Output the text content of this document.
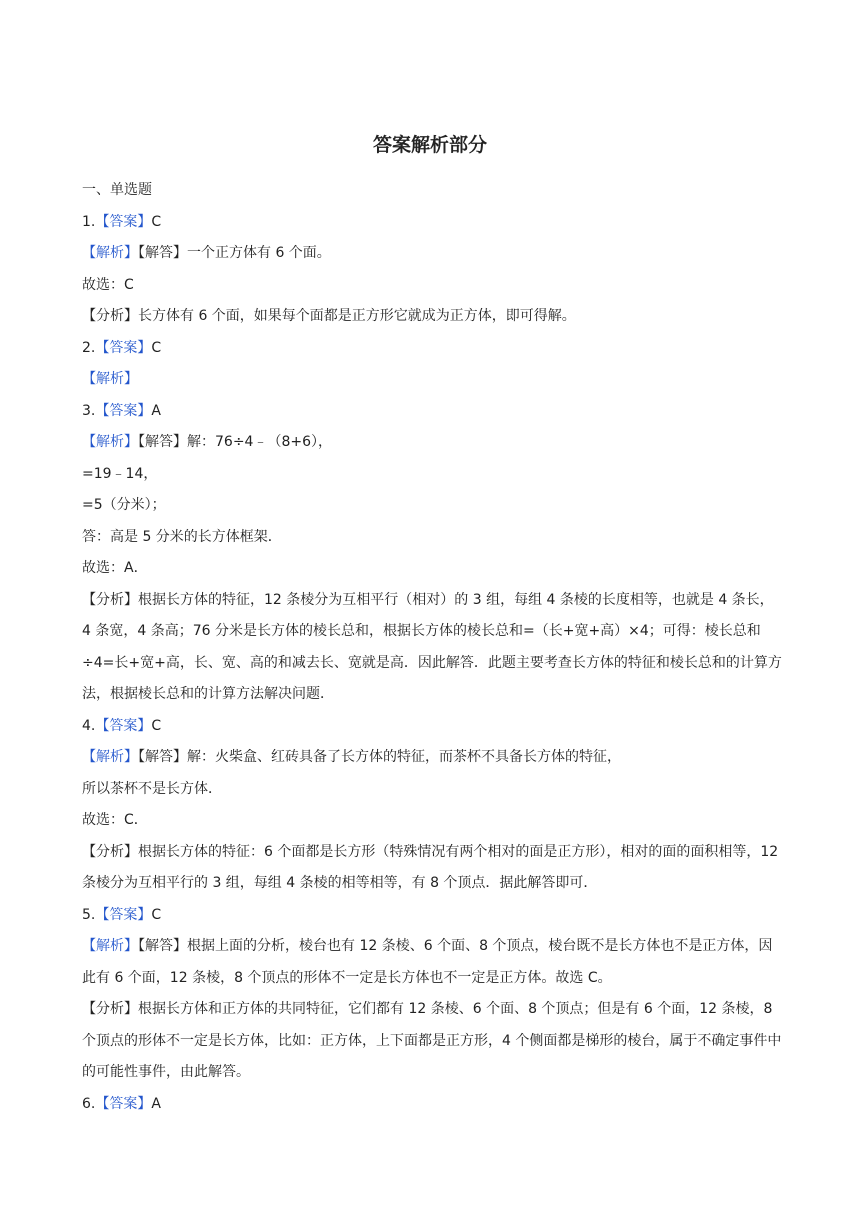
答案解析部分
一、单选题
1.【答案】C
【解析】【解答】一个正方体有 6 个面。
故选：C
【分析】长方体有 6 个面，如果每个面都是正方形它就成为正方体，即可得解。
2.【答案】C
【解析】
3.【答案】A
【解析】【解答】解：76÷4﹣（8+6），
=19﹣14，
=5（分米）；
答：高是 5 分米的长方体框架．
故选：A．
【分析】根据长方体的特征，12 条棱分为互相平行（相对）的 3 组，每组 4 条棱的长度相等，也就是 4 条长，4 条宽，4 条高；76 分米是长方体的棱长总和，根据长方体的棱长总和=（长+宽+高）×4；可得：棱长总和÷4=长+宽+高，长、宽、高的和减去长、宽就是高．因此解答．此题主要考查长方体的特征和棱长总和的计算方法，根据棱长总和的计算方法解决问题．
4.【答案】C
【解析】【解答】解：火柴盒、红砖具备了长方体的特征，而茶杯不具备长方体的特征，
所以茶杯不是长方体．
故选：C．
【分析】根据长方体的特征：6 个面都是长方形（特殊情况有两个相对的面是正方形），相对的面的面积相等，12 条棱分为互相平行的 3 组，每组 4 条棱的相等相等，有 8 个顶点．据此解答即可．
5.【答案】C
【解析】【解答】根据上面的分析，棱台也有 12 条棱、6 个面、8 个顶点，棱台既不是长方体也不是正方体，因此有 6 个面，12 条棱，8 个顶点的形体不一定是长方体也不一定是正方体。故选 C。
【分析】根据长方体和正方体的共同特征，它们都有 12 条棱、6 个面、8 个顶点；但是有 6 个面，12 条棱，8 个顶点的形体不一定是长方体，比如：正方体，上下面都是正方形，4 个侧面都是梯形的棱台，属于不确定事件中的可能性事件，由此解答。
6.【答案】A
